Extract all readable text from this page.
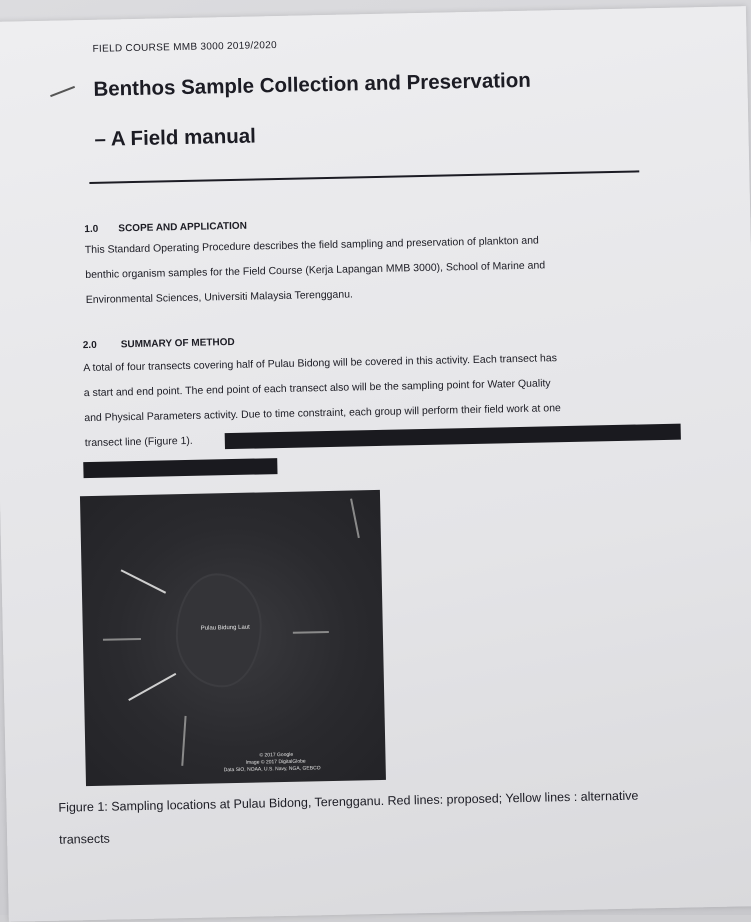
FIELD COURSE MMB 3000 2019/2020
Benthos Sample Collection and Preservation
– A Field manual
1.0 SCOPE AND APPLICATION
This Standard Operating Procedure describes the field sampling and preservation of plankton and
benthic organism samples for the Field Course (Kerja Lapangan MMB 3000), School of Marine and
Environmental Sciences, Universiti Malaysia Terengganu.
2.0 SUMMARY OF METHOD
A total of four transects covering half of Pulau Bidong will be covered in this activity. Each transect has
a start and end point. The end point of each transect also will be the sampling point for Water Quality
and Physical Parameters activity. Due to time constraint, each group will perform their field work at one
transect line (Figure 1).
Pulau Bidung Laut
© 2017 Google
Image © 2017 DigitalGlobe
Data SIO, NOAA, U.S. Navy, NGA, GEBCO
Figure 1: Sampling locations at Pulau Bidong, Terengganu. Red lines: proposed; Yellow lines : alternative
transects
